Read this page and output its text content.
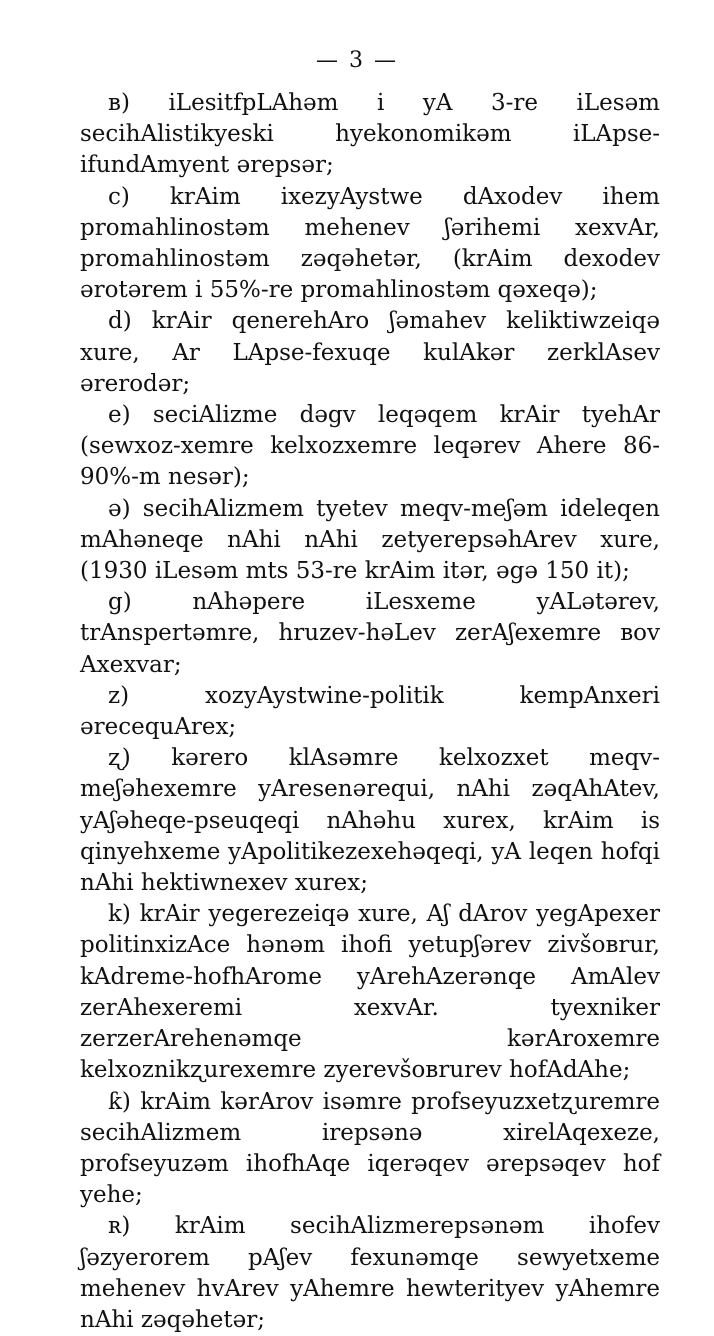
— 3 —

в) iLesitfpLAhəm i yA 3-re iLesəm secihAlistikyeski hyekonomikəm iLApse-ifundAmyent ərepsər;

c) krAim ixezyAystwe dAxodev ihem promahlinostəm mehenev ʃərihemi xexvAr, promahlinostəm zəqəhetər, (krAim dexodev ərotərem i 55%-re promahlinostəm qəxeqə);

d) krAir qenerehAro ʃəmahev keliktiwzeiqə xure, Ar LApse-fexuqe kulAkər zerklAsev ərerodər;

e) seciAlizme dəgv leqəqem krAir tyehAr (sewxoz-xemre kelxozxemre leqərev Ahere 86-90%-m nesər);

ə) secihAlizmem tyetev meqv-meʃəm ideleqen mAhəneqe nAhi nAhi zetyerepsəhArev xure, (1930 iLesəm mts 53-re krAim itər, əgə 150 it);

g) nAhəpere iLesxeme yALətərev, trAnspertəmre, hruzev-həLev zerAʃexemre вov Axexvar;

z) xozyAystwine-politik kempAnxeri ərecequArex;

ʐ) kərero klAsəmre kelxozxet meqv-meʃəhexemre yAresenərequi, nAhi zəqAhAtev, yAʃəheqe-pseuqeqi nAhəhu xurex, krAim is qinyehxeme yApolitikezexehəqeqi, yA leqen hofqi nAhi hektiwnexev xurex;

k) krAir yegerezeiqə xure, Aʃ dArov yegApexer politinxizAce hənəm ihofi yetupʃərev zivšoвrur, kAdreme-hofhArome yArehAzerənqe AmAlev zerAhexeremi xexvAr. tyexniker zerzerArehenəmqe kərAroxemre kelxoznikʐurexemre zyerevšoвrurev hofAdAhe;

ƙ) krAim kərArov isəmre profseyuzxetʐuremre secihAlizmem irepsənə xirelAqexeze, profseyuzəm ihofhAqe iqerəqev ərepsəqev hof yehe;

ʀ) krAim secihAlizmerepsənəm ihofev ʃəzyerorem pAʃev fexunəmqe sewyetxeme mehenev hvArev yAhemre hewterityev yAhemre nAhi zəqəhetər;
